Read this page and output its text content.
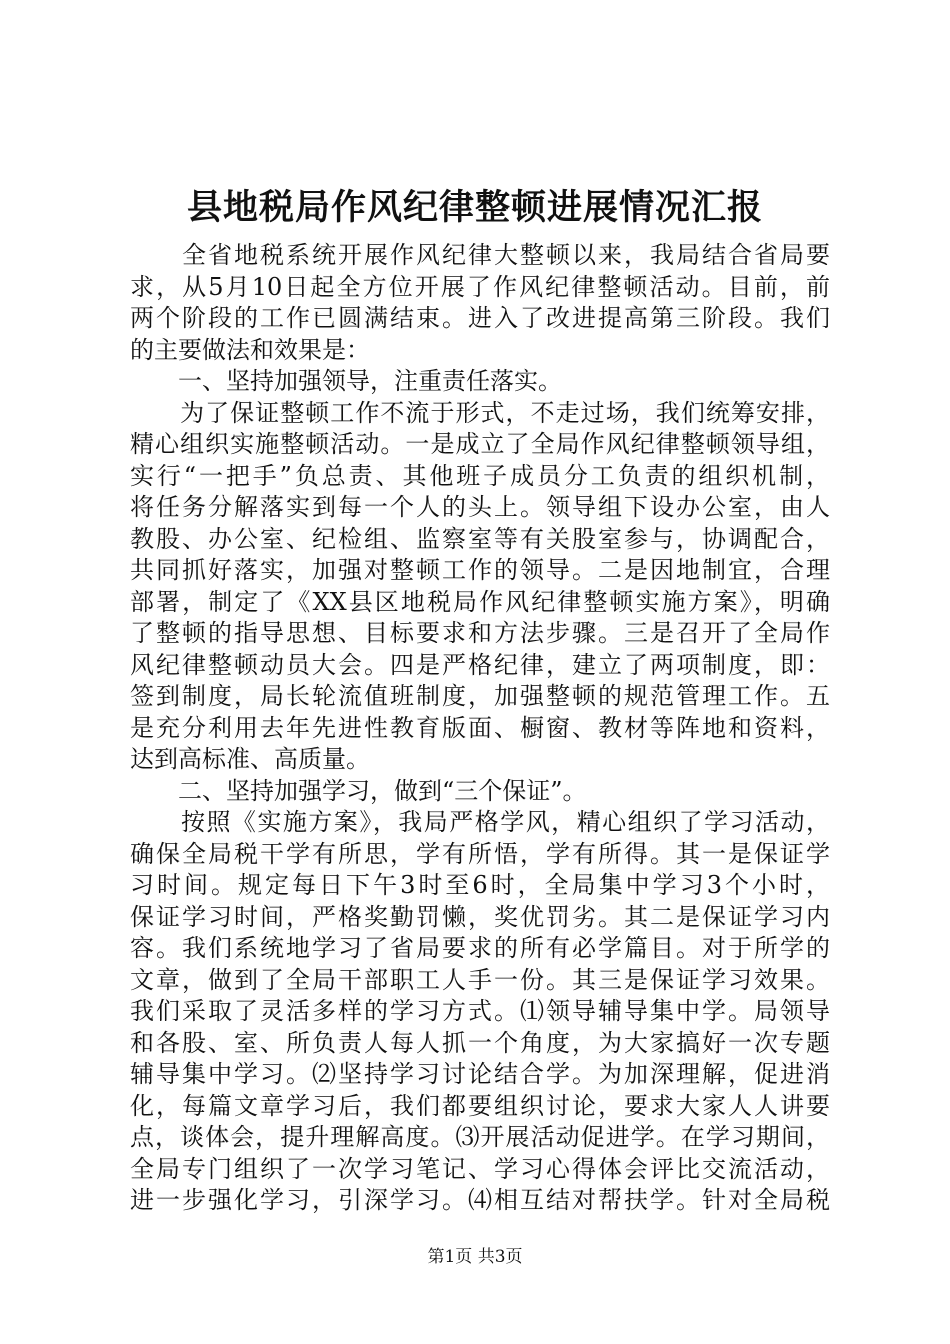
县地税局作风纪律整顿进展情况汇报
　　全省地税系统开展作风纪律大整顿以来，我局结合省局要
求，从5月10日起全方位开展了作风纪律整顿活动。目前，前
两个阶段的工作已圆满结束。进入了改进提高第三阶段。我们
的主要做法和效果是：
　　一、坚持加强领导，注重责任落实。
　　为了保证整顿工作不流于形式，不走过场，我们统筹安排，
精心组织实施整顿活动。一是成立了全局作风纪律整顿领导组，
实行“一把手”负总责、其他班子成员分工负责的组织机制，
将任务分解落实到每一个人的头上。领导组下设办公室，由人
教股、办公室、纪检组、监察室等有关股室参与，协调配合，
共同抓好落实，加强对整顿工作的领导。二是因地制宜，合理
部署，制定了《XX县区地税局作风纪律整顿实施方案》，明确
了整顿的指导思想、目标要求和方法步骤。三是召开了全局作
风纪律整顿动员大会。四是严格纪律，建立了两项制度，即：
签到制度，局长轮流值班制度，加强整顿的规范管理工作。五
是充分利用去年先进性教育版面、橱窗、教材等阵地和资料，
达到高标准、高质量。
　　二、坚持加强学习，做到“三个保证”。
　　按照《实施方案》，我局严格学风，精心组织了学习活动，
确保全局税干学有所思，学有所悟，学有所得。其一是保证学
习时间。规定每日下午3时至6时，全局集中学习3个小时，
保证学习时间，严格奖勤罚懒，奖优罚劣。其二是保证学习内
容。我们系统地学习了省局要求的所有必学篇目。对于所学的
文章，做到了全局干部职工人手一份。其三是保证学习效果。
我们采取了灵活多样的学习方式。⑴领导辅导集中学。局领导
和各股、室、所负责人每人抓一个角度，为大家搞好一次专题
辅导集中学习。⑵坚持学习讨论结合学。为加深理解，促进消
化，每篇文章学习后，我们都要组织讨论，要求大家人人讲要
点，谈体会，提升理解高度。⑶开展活动促进学。在学习期间，
全局专门组织了一次学习笔记、学习心得体会评比交流活动，
进一步强化学习，引深学习。⑷相互结对帮扶学。针对全局税
第1页 共3页
